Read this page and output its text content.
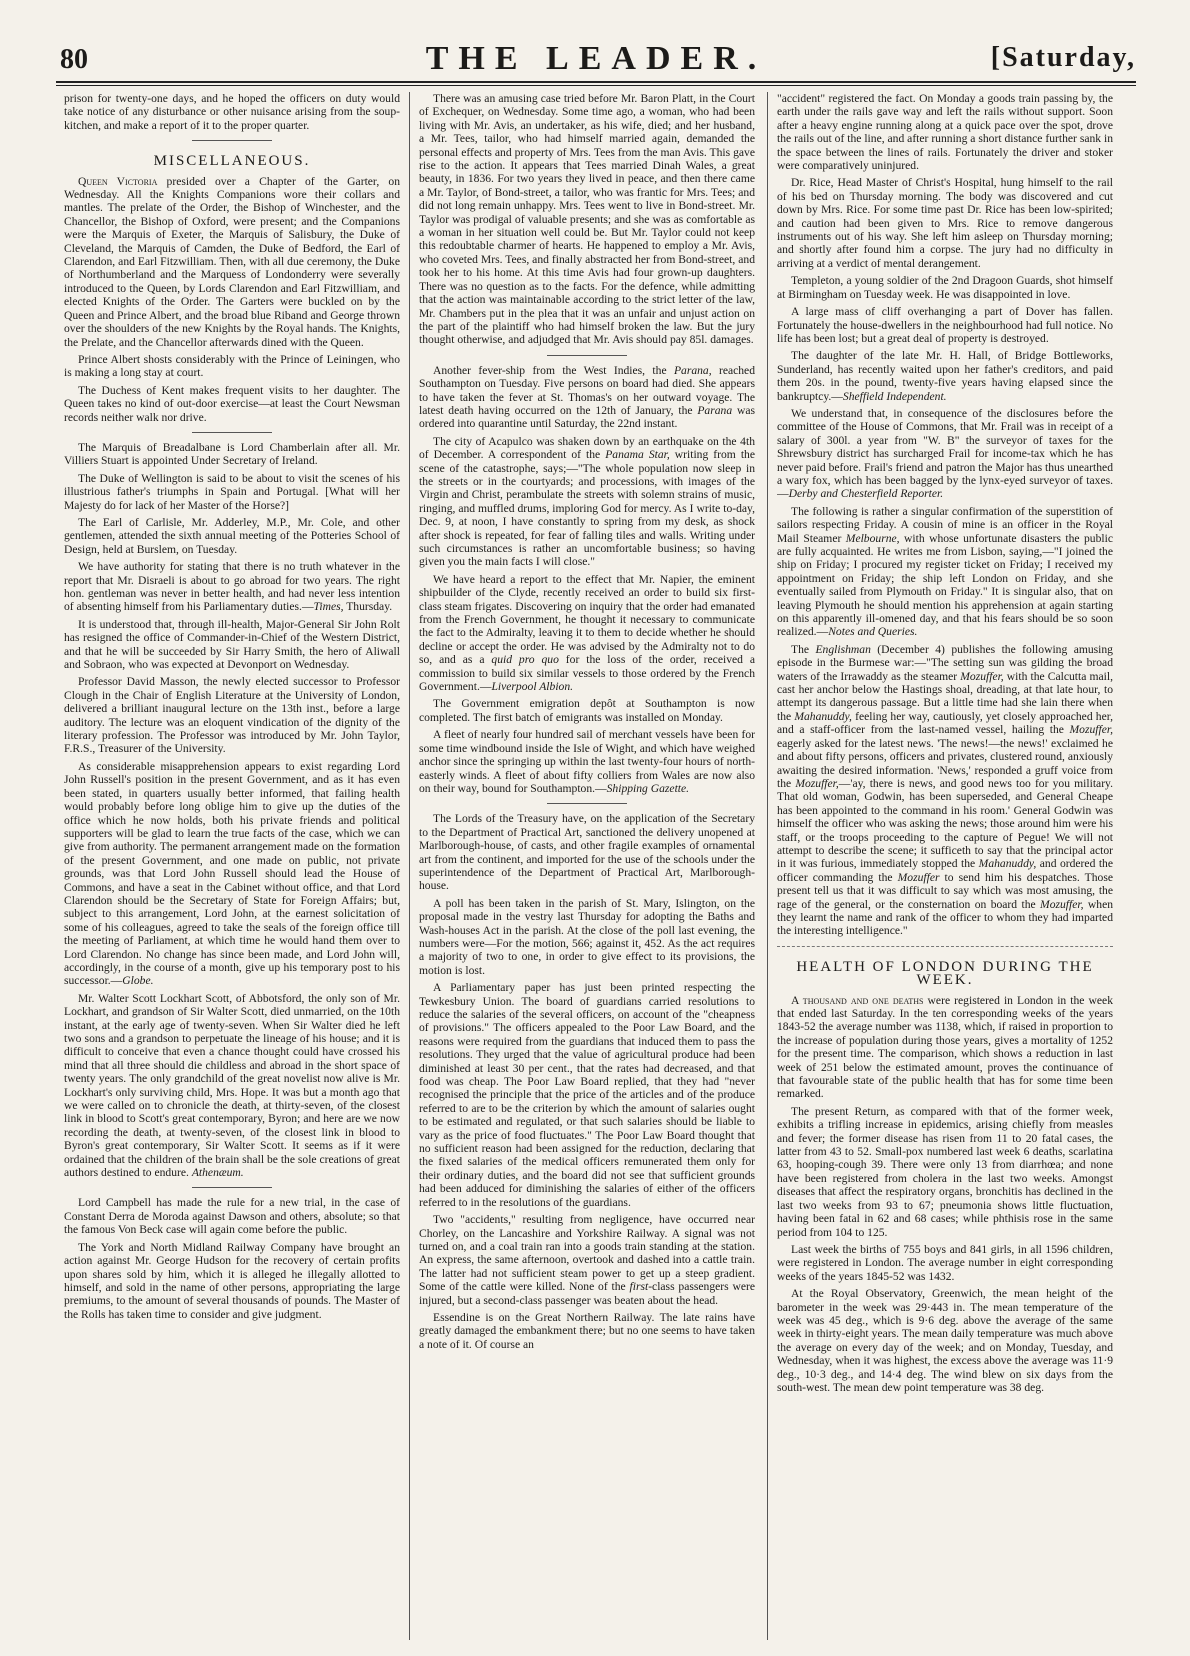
80	THE LEADER.	[Saturday,

prison for twenty-one days, and he hoped the officers on duty would take notice of any disturbance or other nuisance arising from the soup-kitchen, and make a report of it to the proper quarter.

MISCELLANEOUS.

Queen Victoria presided over a Chapter of the Garter, on Wednesday. All the Knights Companions wore their collars and mantles. The prelate of the Order, the Bishop of Winchester, and the Chancellor, the Bishop of Oxford, were present; and the Companions were the Marquis of Exeter, the Marquis of Salisbury, the Duke of Cleveland, the Marquis of Camden, the Duke of Bedford, the Earl of Clarendon, and Earl Fitzwilliam. Then, with all due ceremony, the Duke of Northumberland and the Marquess of Londonderry were severally introduced to the Queen, by Lords Clarendon and Earl Fitzwilliam, and elected Knights of the Order. The Garters were buckled on by the Queen and Prince Albert, and the broad blue Riband and George thrown over the shoulders of the new Knights by the Royal hands. The Knights, the Prelate, and the Chancellor afterwards dined with the Queen.

Prince Albert shosts considerably with the Prince of Leiningen, who is making a long stay at court.

The Duchess of Kent makes frequent visits to her daughter. The Queen takes no kind of out-door exercise—at least the Court Newsman records neither walk nor drive.

The Marquis of Breadalbane is Lord Chamberlain after all. Mr. Villiers Stuart is appointed Under Secretary of Ireland.

The Duke of Wellington is said to be about to visit the scenes of his illustrious father's triumphs in Spain and Portugal. [What will her Majesty do for lack of her Master of the Horse?]

The Earl of Carlisle, Mr. Adderley, M.P., Mr. Cole, and other gentlemen, attended the sixth annual meeting of the Potteries School of Design, held at Burslem, on Tuesday.

We have authority for stating that there is no truth whatever in the report that Mr. Disraeli is about to go abroad for two years. The right hon. gentleman was never in better health, and had never less intention of absenting himself from his Parliamentary duties.—Times, Thursday.

It is understood that, through ill-health, Major-General Sir John Rolt has resigned the office of Commander-in-Chief of the Western District, and that he will be succeeded by Sir Harry Smith, the hero of Aliwall and Sobraon, who was expected at Devonport on Wednesday.

Professor David Masson, the newly elected successor to Professor Clough in the Chair of English Literature at the University of London, delivered a brilliant inaugural lecture on the 13th inst., before a large auditory. The lecture was an eloquent vindication of the dignity of the literary profession. The Professor was introduced by Mr. John Taylor, F.R.S., Treasurer of the University.

As considerable misapprehension appears to exist regarding Lord John Russell's position in the present Government, and as it has even been stated, in quarters usually better informed, that failing health would probably before long oblige him to give up the duties of the office which he now holds, both his private friends and political supporters will be glad to learn the true facts of the case, which we can give from authority. The permanent arrangement made on the formation of the present Government, and one made on public, not private grounds, was that Lord John Russell should lead the House of Commons, and have a seat in the Cabinet without office, and that Lord Clarendon should be the Secretary of State for Foreign Affairs; but, subject to this arrangement, Lord John, at the earnest solicitation of some of his colleagues, agreed to take the seals of the foreign office till the meeting of Parliament, at which time he would hand them over to Lord Clarendon. No change has since been made, and Lord John will, accordingly, in the course of a month, give up his temporary post to his successor.—Globe.

Mr. Walter Scott Lockhart Scott, of Abbotsford, the only son of Mr. Lockhart, and grandson of Sir Walter Scott, died unmarried, on the 10th instant, at the early age of twenty-seven. When Sir Walter died he left two sons and a grandson to perpetuate the lineage of his house; and it is difficult to conceive that even a chance thought could have crossed his mind that all three should die childless and abroad in the short space of twenty years. The only grandchild of the great novelist now alive is Mr. Lockhart's only surviving child, Mrs. Hope. It was but a month ago that we were called on to chronicle the death, at thirty-seven, of the closest link in blood to Scott's great contemporary, Byron; and here are we now recording the death, at twenty-seven, of the closest link in blood to Byron's great contemporary, Sir Walter Scott. It seems as if it were ordained that the children of the brain shall be the sole creations of great authors destined to endure. Athenæum.

Lord Campbell has made the rule for a new trial, in the case of Constant Derra de Moroda against Dawson and others, absolute; so that the famous Von Beck case will again come before the public.

The York and North Midland Railway Company have brought an action against Mr. George Hudson for the recovery of certain profits upon shares sold by him, which it is alleged he illegally allotted to himself, and sold in the name of other persons, appropriating the large premiums, to the amount of several thousands of pounds. The Master of the Rolls has taken time to consider and give judgment.

There was an amusing case tried before Mr. Baron Platt, in the Court of Exchequer, on Wednesday. Some time ago, a woman, who had been living with Mr. Avis, an undertaker, as his wife, died; and her husband, a Mr. Tees, tailor, who had himself married again, demanded the personal effects and property of Mrs. Tees from the man Avis. This gave rise to the action. It appears that Tees married Dinah Wales, a great beauty, in 1836. For two years they lived in peace, and then there came a Mr. Taylor, of Bond-street, a tailor, who was frantic for Mrs. Tees; and did not long remain unhappy. Mrs. Tees went to live in Bond-street. Mr. Taylor was prodigal of valuable presents; and she was as comfortable as a woman in her situation well could be. But Mr. Taylor could not keep this redoubtable charmer of hearts. He happened to employ a Mr. Avis, who coveted Mrs. Tees, and finally abstracted her from Bond-street, and took her to his home. At this time Avis had four grown-up daughters. There was no question as to the facts. For the defence, while admitting that the action was maintainable according to the strict letter of the law, Mr. Chambers put in the plea that it was an unfair and unjust action on the part of the plaintiff who had himself broken the law. But the jury thought otherwise, and adjudged that Mr. Avis should pay 85l. damages.

Another fever-ship from the West Indies, the Parana, reached Southampton on Tuesday. Five persons on board had died. She appears to have taken the fever at St. Thomas's on her outward voyage. The latest death having occurred on the 12th of January, the Parana was ordered into quarantine until Saturday, the 22nd instant.

The city of Acapulco was shaken down by an earthquake on the 4th of December. A correspondent of the Panama Star, writing from the scene of the catastrophe, says;—"The whole population now sleep in the streets or in the courtyards; and processions, with images of the Virgin and Christ, perambulate the streets with solemn strains of music, ringing, and muffled drums, imploring God for mercy. As I write to-day, Dec. 9, at noon, I have constantly to spring from my desk, as shock after shock is repeated, for fear of falling tiles and walls. Writing under such circumstances is rather an uncomfortable business; so having given you the main facts I will close."

We have heard a report to the effect that Mr. Napier, the eminent shipbuilder of the Clyde, recently received an order to build six first-class steam frigates. Discovering on inquiry that the order had emanated from the French Government, he thought it necessary to communicate the fact to the Admiralty, leaving it to them to decide whether he should decline or accept the order. He was advised by the Admiralty not to do so, and as a quid pro quo for the loss of the order, received a commission to build six similar vessels to those ordered by the French Government.—Liverpool Albion.

The Government emigration depôt at Southampton is now completed. The first batch of emigrants was installed on Monday.

A fleet of nearly four hundred sail of merchant vessels have been for some time windbound inside the Isle of Wight, and which have weighed anchor since the springing up within the last twenty-four hours of north-easterly winds. A fleet of about fifty colliers from Wales are now also on their way, bound for Southampton.—Shipping Gazette.

The Lords of the Treasury have, on the application of the Secretary to the Department of Practical Art, sanctioned the delivery unopened at Marlborough-house, of casts, and other fragile examples of ornamental art from the continent, and imported for the use of the schools under the superintendence of the Department of Practical Art, Marlborough-house.

A poll has been taken in the parish of St. Mary, Islington, on the proposal made in the vestry last Thursday for adopting the Baths and Wash-houses Act in the parish. At the close of the poll last evening, the numbers were—For the motion, 566; against it, 452. As the act requires a majority of two to one, in order to give effect to its provisions, the motion is lost.

A Parliamentary paper has just been printed respecting the Tewkesbury Union. The board of guardians carried resolutions to reduce the salaries of the several officers, on account of the "cheapness of provisions." The officers appealed to the Poor Law Board, and the reasons were required from the guardians that induced them to pass the resolutions. They urged that the value of agricultural produce had been diminished at least 30 per cent., that the rates had decreased, and that food was cheap. The Poor Law Board replied, that they had "never recognised the principle that the price of the articles and of the produce referred to are to be the criterion by which the amount of salaries ought to be estimated and regulated, or that such salaries should be liable to vary as the price of food fluctuates." The Poor Law Board thought that no sufficient reason had been assigned for the reduction, declaring that the fixed salaries of the medical officers remunerated them only for their ordinary duties, and the board did not see that sufficient grounds had been adduced for diminishing the salaries of either of the officers referred to in the resolutions of the guardians.

Two "accidents," resulting from negligence, have occurred near Chorley, on the Lancashire and Yorkshire Railway. A signal was not turned on, and a coal train ran into a goods train standing at the station. An express, the same afternoon, overtook and dashed into a cattle train. The latter had not sufficient steam power to get up a steep gradient. Some of the cattle were killed. None of the first-class passengers were injured, but a second-class passenger was beaten about the head.

Essendine is on the Great Northern Railway. The late rains have greatly damaged the embankment there; but no one seems to have taken a note of it. Of course an

"accident" registered the fact. On Monday a goods train passing by, the earth under the rails gave way and left the rails without support. Soon after a heavy engine running along at a quick pace over the spot, drove the rails out of the line, and after running a short distance further sank in the space between the lines of rails. Fortunately the driver and stoker were comparatively uninjured.

Dr. Rice, Head Master of Christ's Hospital, hung himself to the rail of his bed on Thursday morning. The body was discovered and cut down by Mrs. Rice. For some time past Dr. Rice has been low-spirited; and caution had been given to Mrs. Rice to remove dangerous instruments out of his way. She left him asleep on Thursday morning; and shortly after found him a corpse. The jury had no difficulty in arriving at a verdict of mental derangement.

Templeton, a young soldier of the 2nd Dragoon Guards, shot himself at Birmingham on Tuesday week. He was disappointed in love.

A large mass of cliff overhanging a part of Dover has fallen. Fortunately the house-dwellers in the neighbourhood had full notice. No life has been lost; but a great deal of property is destroyed.

The daughter of the late Mr. H. Hall, of Bridge Bottleworks, Sunderland, has recently waited upon her father's creditors, and paid them 20s. in the pound, twenty-five years having elapsed since the bankruptcy.—Sheffield Independent.

We understand that, in consequence of the disclosures before the committee of the House of Commons, that Mr. Frail was in receipt of a salary of 300l. a year from "W. B" the surveyor of taxes for the Shrewsbury district has surcharged Frail for income-tax which he has never paid before. Frail's friend and patron the Major has thus unearthed a wary fox, which has been bagged by the lynx-eyed surveyor of taxes.—Derby and Chesterfield Reporter.

The following is rather a singular confirmation of the superstition of sailors respecting Friday. A cousin of mine is an officer in the Royal Mail Steamer Melbourne, with whose unfortunate disasters the public are fully acquainted. He writes me from Lisbon, saying,—"I joined the ship on Friday; I procured my register ticket on Friday; I received my appointment on Friday; the ship left London on Friday, and she eventually sailed from Plymouth on Friday." It is singular also, that on leaving Plymouth he should mention his apprehension at again starting on this apparently ill-omened day, and that his fears should be so soon realized.—Notes and Queries.

The Englishman (December 4) publishes the following amusing episode in the Burmese war:—"The setting sun was gilding the broad waters of the Irrawaddy as the steamer Mozuffer, with the Calcutta mail, cast her anchor below the Hastings shoal, dreading, at that late hour, to attempt its dangerous passage. But a little time had she lain there when the Mahanuddy, feeling her way, cautiously, yet closely approached her, and a staff-officer from the last-named vessel, hailing the Mozuffer, eagerly asked for the latest news. 'The news!—the news!' exclaimed he and about fifty persons, officers and privates, clustered round, anxiously awaiting the desired information. 'News,' responded a gruff voice from the Mozuffer,—'ay, there is news, and good news too for you military. That old woman, Godwin, has been superseded, and General Cheape has been appointed to the command in his room.' General Godwin was himself the officer who was asking the news; those around him were his staff, or the troops proceeding to the capture of Pegue! We will not attempt to describe the scene; it sufficeth to say that the principal actor in it was furious, immediately stopped the Mahanuddy, and ordered the officer commanding the Mozuffer to send him his despatches. Those present tell us that it was difficult to say which was most amusing, the rage of the general, or the consternation on board the Mozuffer, when they learnt the name and rank of the officer to whom they had imparted the interesting intelligence."

HEALTH OF LONDON DURING THE WEEK.

A thousand and one deaths were registered in London in the week that ended last Saturday. In the ten corresponding weeks of the years 1843-52 the average number was 1138, which, if raised in proportion to the increase of population during those years, gives a mortality of 1252 for the present time. The comparison, which shows a reduction in last week of 251 below the estimated amount, proves the continuance of that favourable state of the public health that has for some time been remarked.

The present Return, as compared with that of the former week, exhibits a trifling increase in epidemics, arising chiefly from measles and fever; the former disease has risen from 11 to 20 fatal cases, the latter from 43 to 52. Small-pox numbered last week 6 deaths, scarlatina 63, hooping-cough 39. There were only 13 from diarrhœa; and none have been registered from cholera in the last two weeks. Amongst diseases that affect the respiratory organs, bronchitis has declined in the last two weeks from 93 to 67; pneumonia shows little fluctuation, having been fatal in 62 and 68 cases; while phthisis rose in the same period from 104 to 125.

Last week the births of 755 boys and 841 girls, in all 1596 children, were registered in London. The average number in eight corresponding weeks of the years 1845-52 was 1432.

At the Royal Observatory, Greenwich, the mean height of the barometer in the week was 29·443 in. The mean temperature of the week was 45 deg., which is 9·6 deg. above the average of the same week in thirty-eight years. The mean daily temperature was much above the average on every day of the week; and on Monday, Tuesday, and Wednesday, when it was highest, the excess above the average was 11·9 deg., 10·3 deg., and 14·4 deg. The wind blew on six days from the south-west. The mean dew point temperature was 38 deg.
